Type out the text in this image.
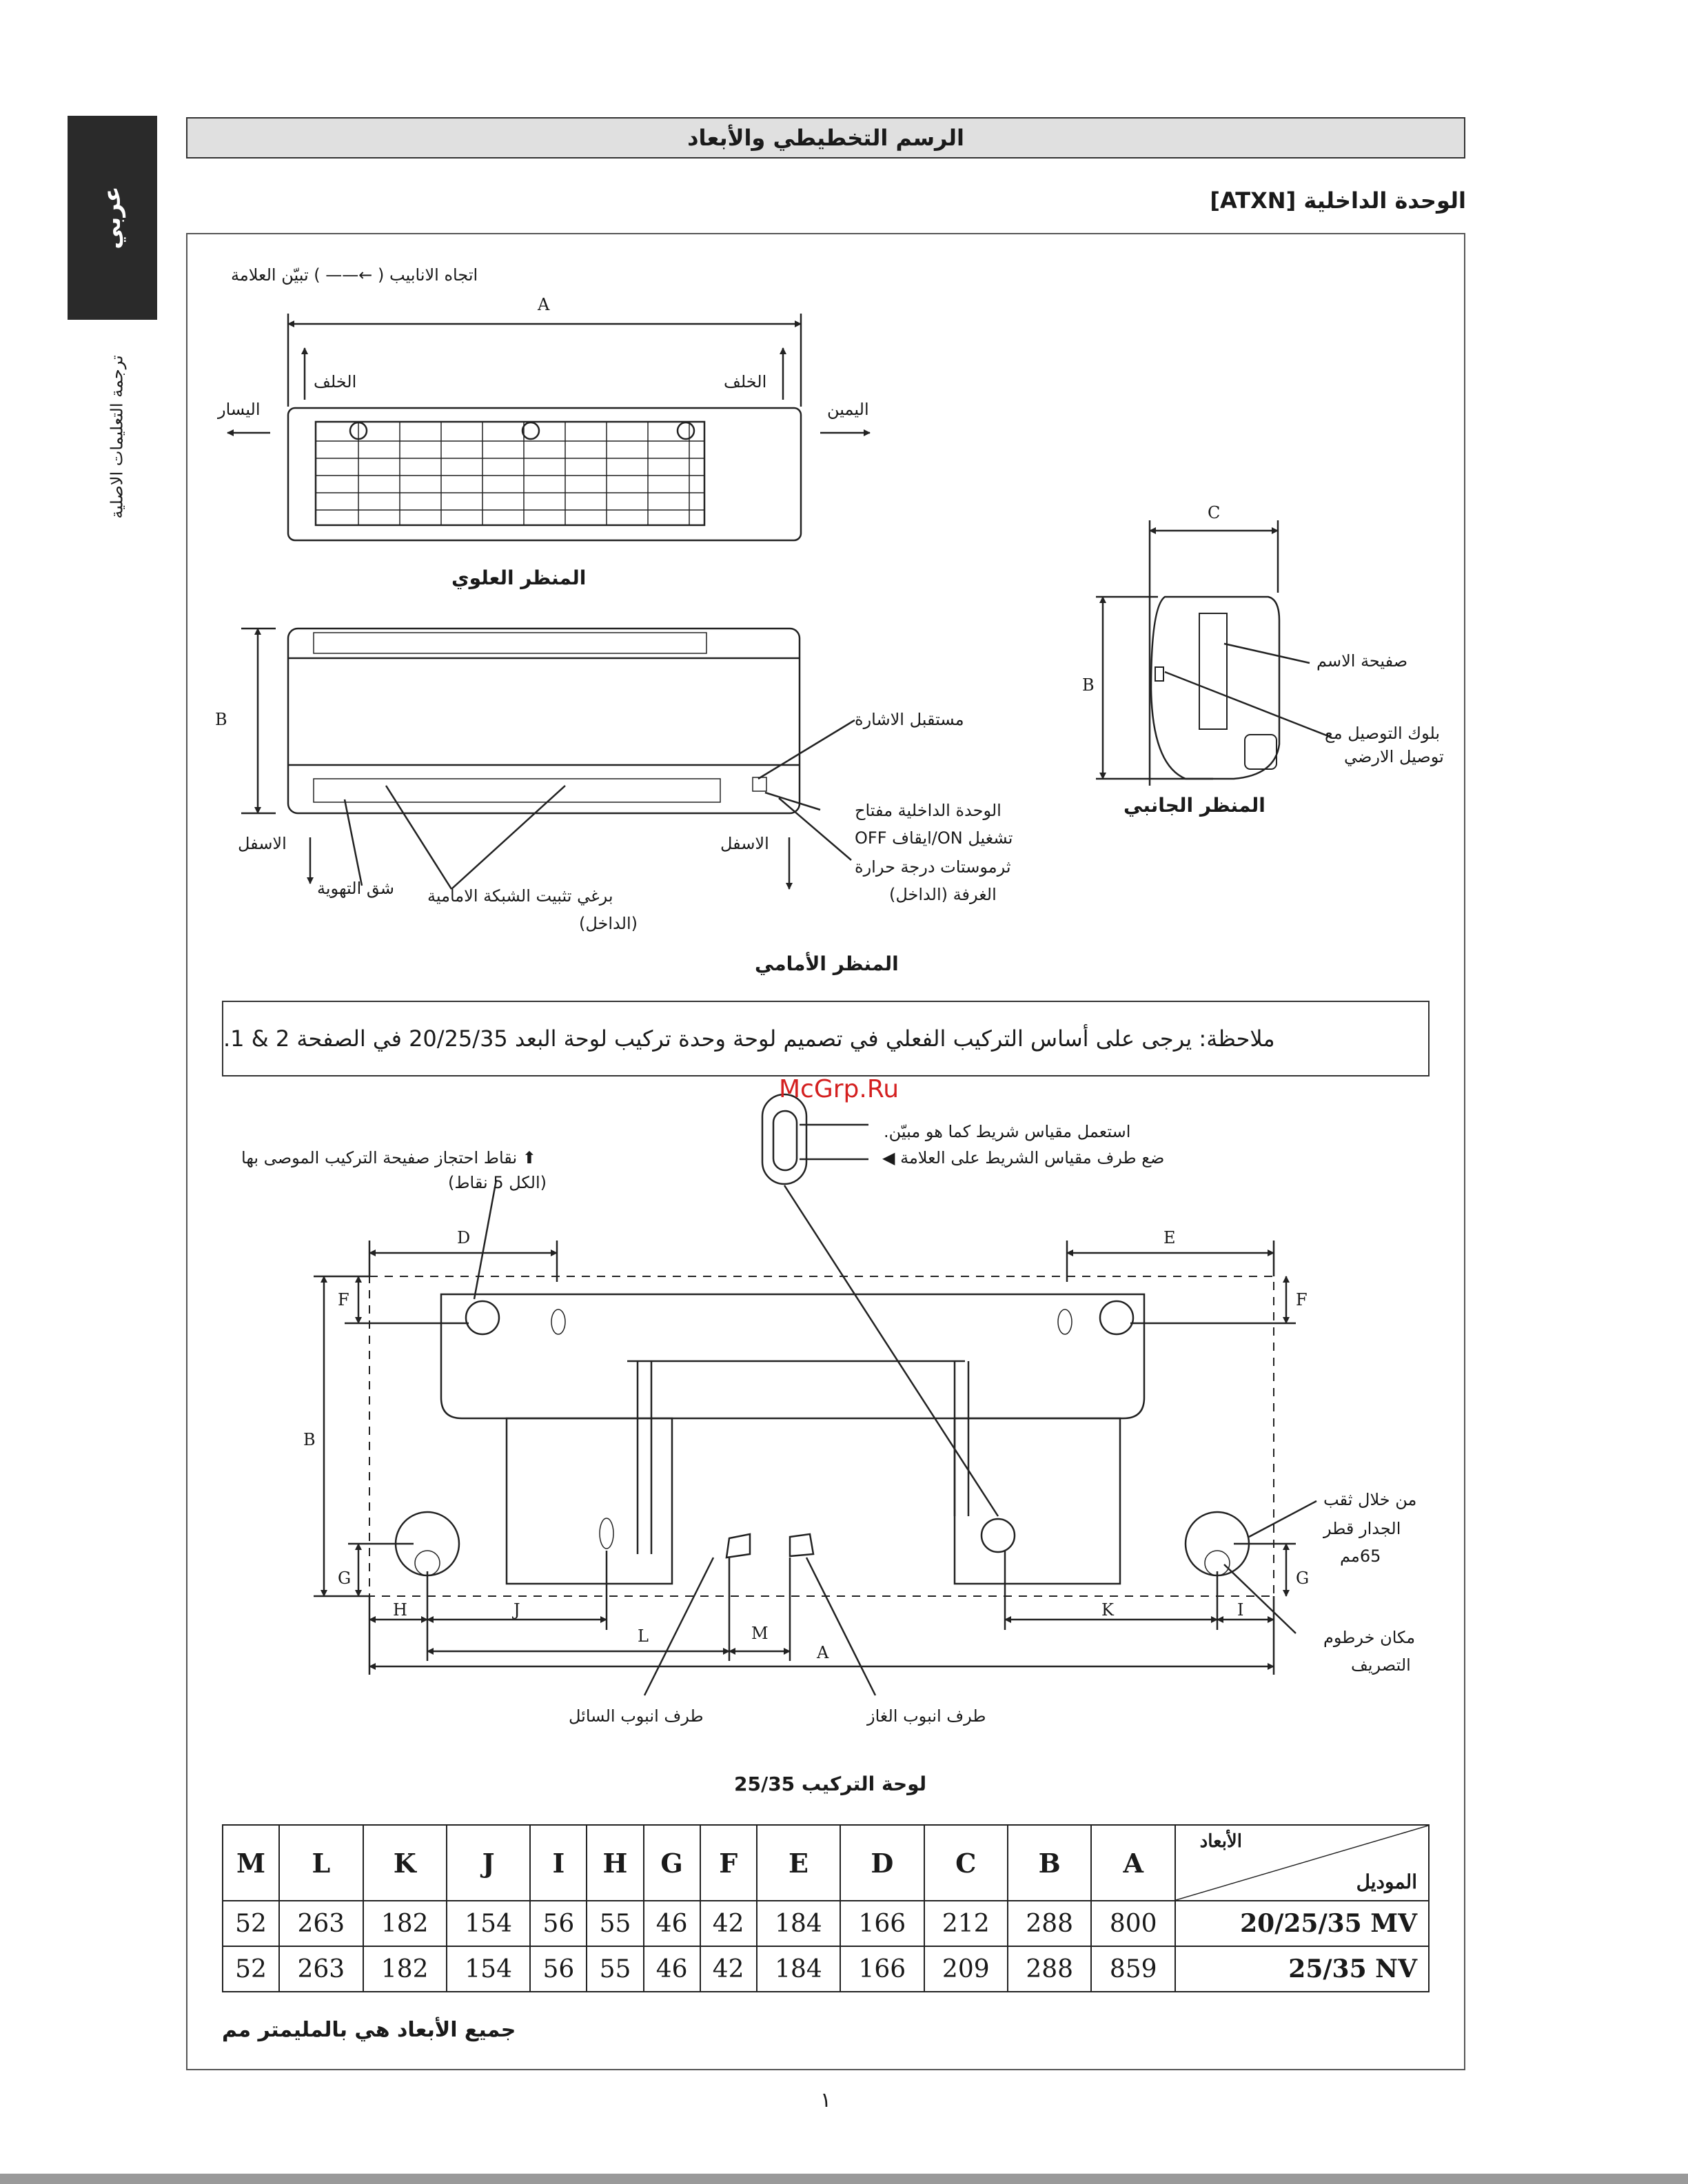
عربي
ترجمة التعليمات الاصلية
الرسم التخطيطي والأبعاد
الوحدة الداخلية [ATXN]
اتجاه الانابيب ( ←—— ) تبيّن العلامة
A
الخلف	الخلف
اليسار	اليمين
المنظر العلوي
B	مستقبل الاشارة
الوحدة الداخلية مفتاح
تشغيل ON/ايقاف OFF
ثرموستات درجة حرارة
الغرفة (الداخل)
الاسفل	الاسفل
شق التهوية برغي تثبيت الشبكة الامامية
(الداخل)
المنظر الأمامي
C
B
صفيحة الاسم
بلوك التوصيل مع
توصيل الارضي
المنظر الجانبي
ملاحظة: يرجى على أساس التركيب الفعلي في تصميم لوحة وحدة تركيب لوحة البعد 20/25/35 في الصفحة 2 & 1.
McGrp.Ru
استعمل مقياس شريط كما هو مبيّن.
ضع طرف مقياس الشريط على العلامة ◀
⬆ نقاط احتجاز صفيحة التركيب الموصى بها
(الكل 5 نقاط)
من خلال ثقب
الجدار قطر
65مم
مكان خرطوم
التصريف
طرف انبوب السائل	طرف انبوب الغاز
D	E
F	F
B
G	G
H	J
L	M
A
K	I
لوحة التركيب 25/35
M	L	K	J	I	H	G	F	E	D	C	B	A	الأبعاد
الموديل

52	263	182	154	56	55	46	42	184	166	212	288	800	20/25/35 MV
52	263	182	154	56	55	46	42	184	166	209	288	859	25/35 NV
جميع الأبعاد هي بالمليمتر مم
١
